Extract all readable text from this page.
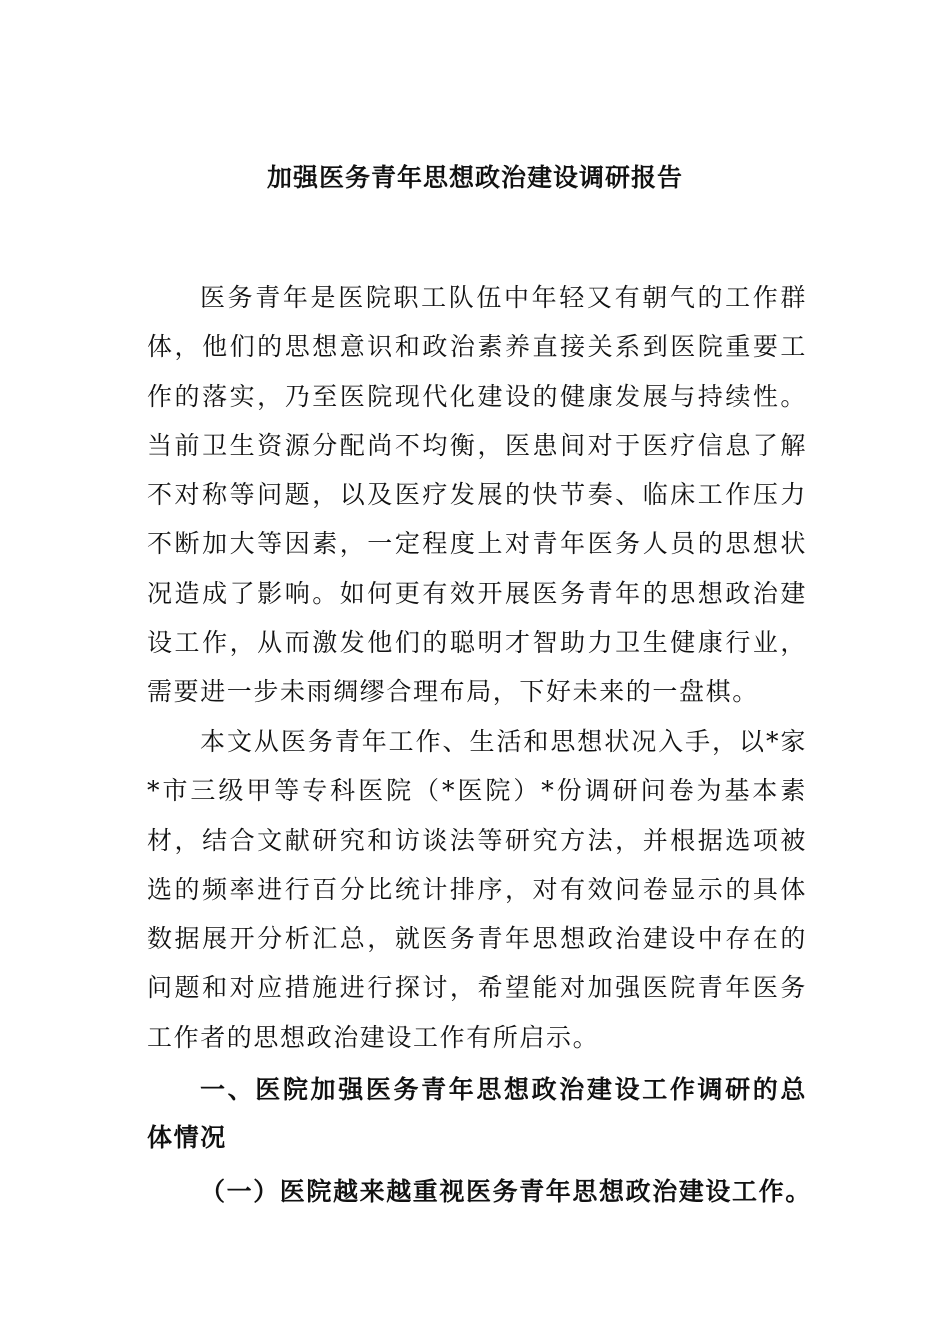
加强医务青年思想政治建设调研报告

医务青年是医院职工队伍中年轻又有朝气的工作群体，他们的思想意识和政治素养直接关系到医院重要工作的落实，乃至医院现代化建设的健康发展与持续性。当前卫生资源分配尚不均衡，医患间对于医疗信息了解不对称等问题，以及医疗发展的快节奏、临床工作压力不断加大等因素，一定程度上对青年医务人员的思想状况造成了影响。如何更有效开展医务青年的思想政治建设工作，从而激发他们的聪明才智助力卫生健康行业，需要进一步未雨绸缪合理布局，下好未来的一盘棋。

本文从医务青年工作、生活和思想状况入手，以*家*市三级甲等专科医院（*医院）*份调研问卷为基本素材，结合文献研究和访谈法等研究方法，并根据选项被选的频率进行百分比统计排序，对有效问卷显示的具体数据展开分析汇总，就医务青年思想政治建设中存在的问题和对应措施进行探讨，希望能对加强医院青年医务工作者的思想政治建设工作有所启示。

一、医院加强医务青年思想政治建设工作调研的总体情况
（一）医院越来越重视医务青年思想政治建设工作。
